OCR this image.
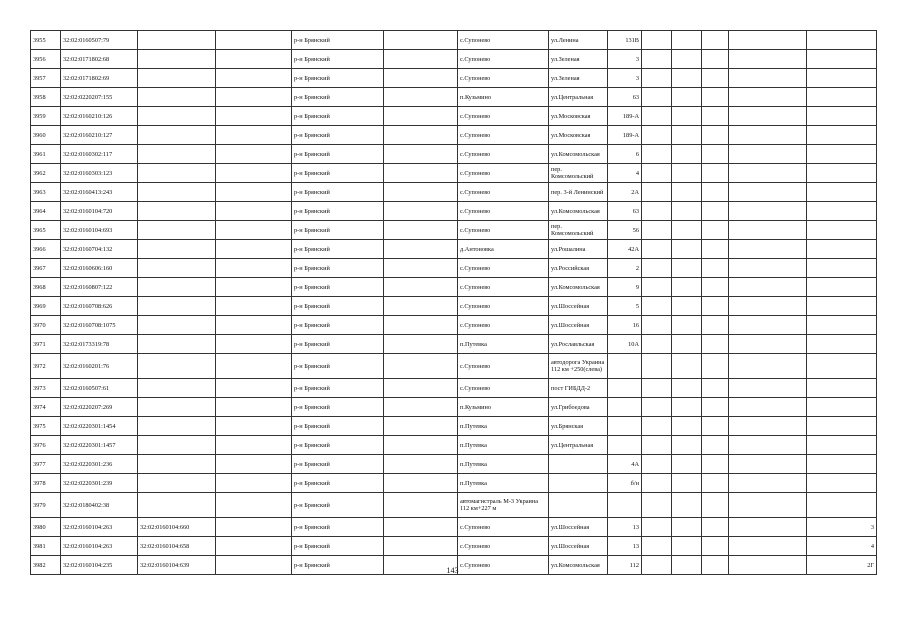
3955	32:02:0160507:79			р-н Брянский		с.Супонево	ул.Ленина	131В					
3956	32:02:0171802:68			р-н Брянский		с.Супонево	ул.Зеленая	3					
3957	32:02:0171802:69			р-н Брянский		с.Супонево	ул.Зеленая	3					
3958	32:02:0220207:155			р-н Брянский		п.Кузьмино	ул.Центральная	63					
3959	32:02:0160210:126			р-н Брянский		с.Супонево	ул.Московская	189-А					
3960	32:02:0160210:127			р-н Брянский		с.Супонево	ул.Московская	189-А					
3961	32:02:0160302:117			р-н Брянский		с.Супонево	ул.Комсомольская	6					
3962	32:02:0160303:123			р-н Брянский		с.Супонево	пер. Комсомольский	4					
3963	32:02:0160413:243			р-н Брянский		с.Супонево	пер. 3-й Ленинский	2А					
3964	32:02:0160104:720			р-н Брянский		с.Супонево	ул.Комсомольская	63					
3965	32:02:0160104:693			р-н Брянский		с.Супонево	пер. Комсомольский	56					
3966	32:02:0160704:132			р-н Брянский		д.Антоновка	ул.Рошалина	42А					
3967	32:02:0160606:160			р-н Брянский		с.Супонево	ул.Российская	2					
3968	32:02:0160807:122			р-н Брянский		с.Супонево	ул.Комсомольская	9					
3969	32:02:0160708:626			р-н Брянский		с.Супонево	ул.Шоссейная	5					
3970	32:02:0160708:1075			р-н Брянский		с.Супонево	ул.Шоссейная	16					
3971	32:02:0173319:78			р-н Брянский		п.Путевка	ул.Рославльская	10А					
3972	32:02:0160201:76			р-н Брянский		с.Супонево	автодорога Украина 112 км +250(слева)						
3973	32:02:0160507:61			р-н Брянский		с.Супонево	пост ГИБДД-2						
3974	32:02:0220207:269			р-н Брянский		п.Кузьмино	ул.Грибоедова						
3975	32:02:0220301:1454			р-н Брянский		п.Путевка	ул.Брянская						
3976	32:02:0220301:1457			р-н Брянский		п.Путевка	ул.Центральная						
3977	32:02:0220301:236			р-н Брянский		п.Путевка		4А					
3978	32:02:0220301:239			р-н Брянский		п.Путевка		б/н					
3979	32:02:0180402:38			р-н Брянский		автомагистраль М-3 Украина 112 км+227 м							
3980	32:02:0160104:263	32:02:0160104:660		р-н Брянский		с.Супонево	ул.Шоссейная	13					3
3981	32:02:0160104:263	32:02:0160104:658		р-н Брянский		с.Супонево	ул.Шоссейная	13					4
3982	32:02:0160104:235	32:02:0160104:639		р-н Брянский		с.Супонево	ул.Комсомольская	112					2Г
143
